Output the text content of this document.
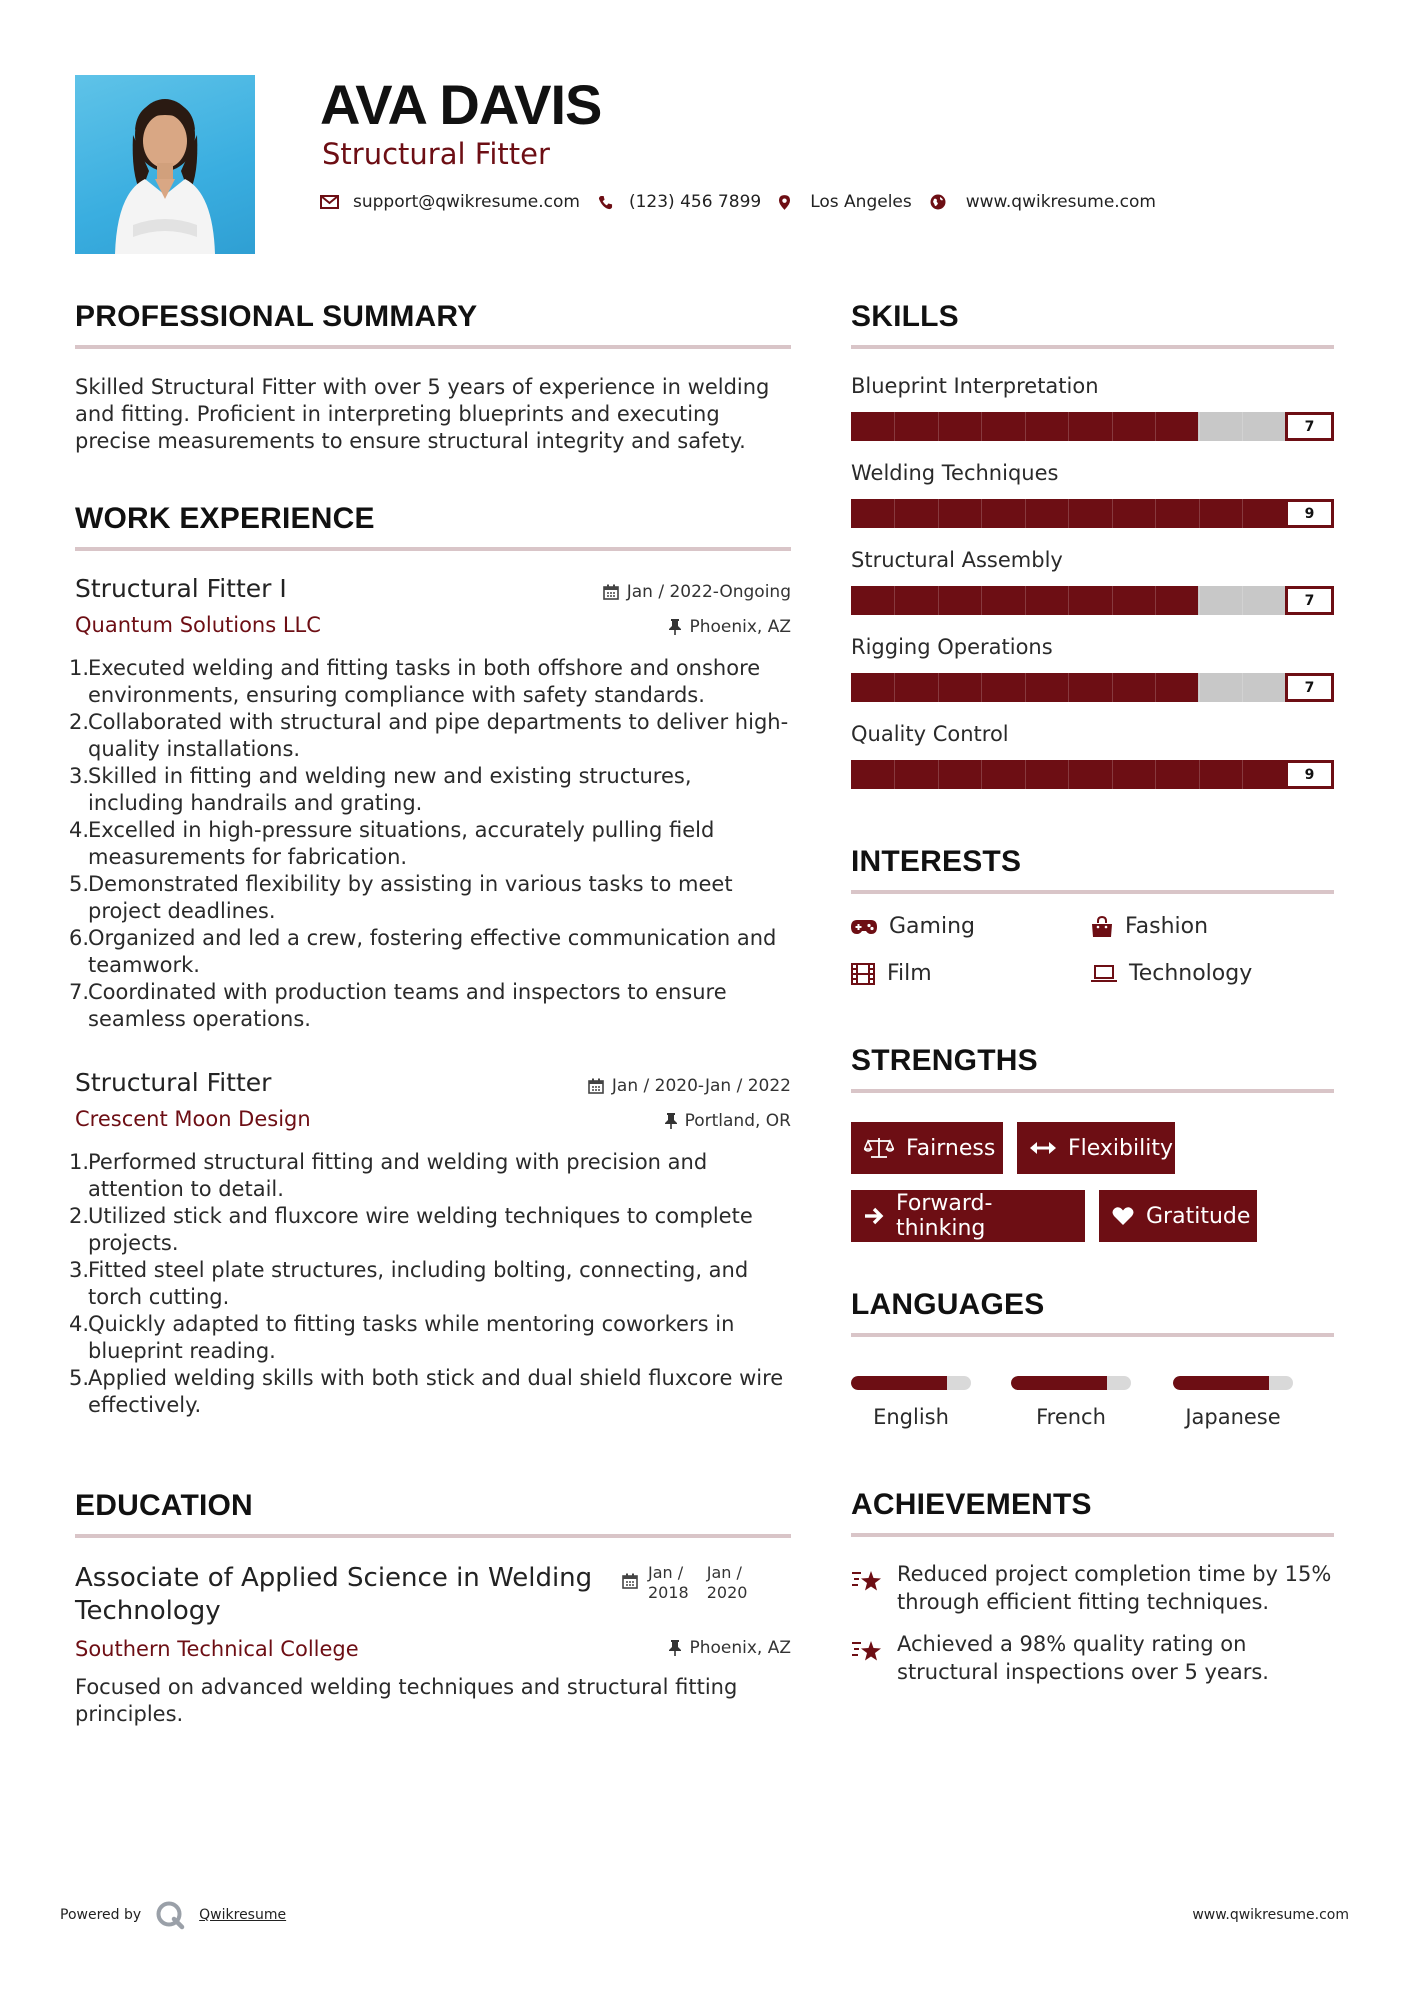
AVA DAVIS
Structural Fitter
support@qwikresume.com	(123) 456 7899	Los Angeles	www.qwikresume.com
PROFESSIONAL SUMMARY
Skilled Structural Fitter with over 5 years of experience in welding and fitting. Proficient in interpreting blueprints and executing precise measurements to ensure structural integrity and safety.
WORK EXPERIENCE
Structural Fitter I
Quantum Solutions LLC
Jan / 2022-Ongoing
Phoenix, AZ
1.
Executed welding and fitting tasks in both offshore and onshore environments, ensuring compliance with safety standards.
2.
Collaborated with structural and pipe departments to deliver high-quality installations.
3.
Skilled in fitting and welding new and existing structures, including handrails and grating.
4.
Excelled in high-pressure situations, accurately pulling field measurements for fabrication.
5.
Demonstrated flexibility by assisting in various tasks to meet project deadlines.
6.
Organized and led a crew, fostering effective communication and teamwork.
7.
Coordinated with production teams and inspectors to ensure seamless operations.
Structural Fitter
Crescent Moon Design
Jan / 2020-Jan / 2022
Portland, OR
1.
Performed structural fitting and welding with precision and attention to detail.
2.
Utilized stick and fluxcore wire welding techniques to complete projects.
3.
Fitted steel plate structures, including bolting, connecting, and torch cutting.
4.
Quickly adapted to fitting tasks while mentoring coworkers in blueprint reading.
5.
Applied welding skills with both stick and dual shield fluxcore wire effectively.
EDUCATION
Associate of Applied Science in Welding Technology
Jan /
2018
Jan /
2020
Southern Technical College	Phoenix, AZ
Focused on advanced welding techniques and structural fitting principles.
SKILLS
Blueprint Interpretation
7
Welding Techniques
9
Structural Assembly
7
Rigging Operations
7
Quality Control
9
INTERESTS
Gaming	Fashion
Film	Technology
STRENGTHS
Fairness	Flexibility
Forward-thinking	Gratitude
LANGUAGES
English	French	Japanese
ACHIEVEMENTS
Reduced project completion time by 15% through efficient fitting techniques.
Achieved a 98% quality rating on structural inspections over 5 years.
Powered by	Qwikresume	www.qwikresume.com
